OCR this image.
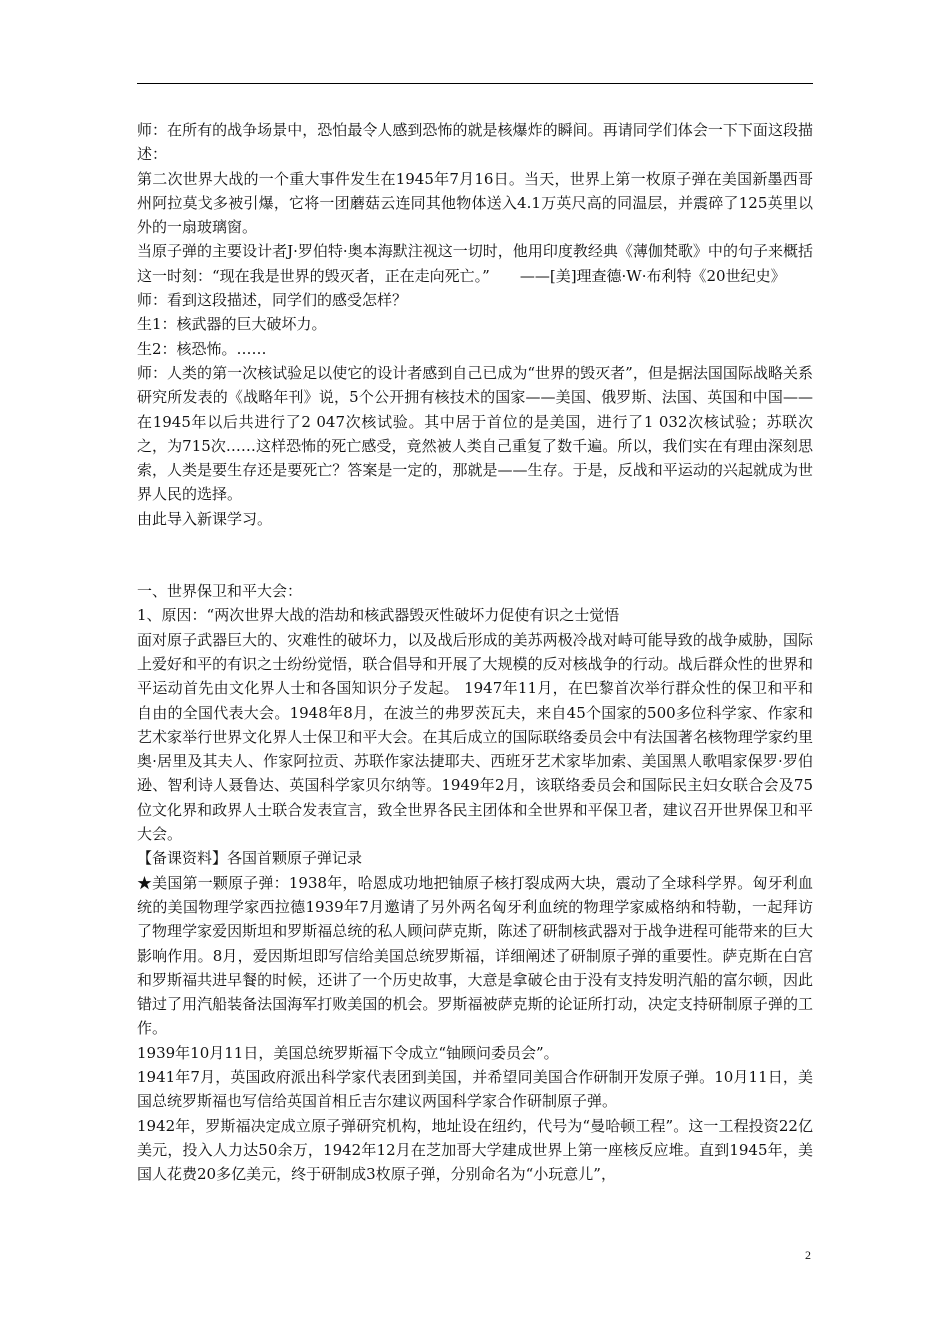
师：在所有的战争场景中，恐怕最令人感到恐怖的就是核爆炸的瞬间。再请同学们体会一下下面这段描述：

第二次世界大战的一个重大事件发生在1945年7月16日。当天，世界上第一枚原子弹在美国新墨西哥州阿拉莫戈多被引爆，它将一团蘑菇云连同其他物体送入4.1万英尺高的同温层，并震碎了125英里以外的一扇玻璃窗。

当原子弹的主要设计者J·罗伯特·奥本海默注视这一切时，他用印度教经典《薄伽梵歌》中的句子来概括这一时刻：“现在我是世界的毁灭者，正在走向死亡。”　　——[美]理查德·W·布利特《20世纪史》

师：看到这段描述，同学们的感受怎样？

生1：核武器的巨大破坏力。

生2：核恐怖。……

师：人类的第一次核试验足以使它的设计者感到自己已成为“世界的毁灭者”，但是据法国国际战略关系研究所发表的《战略年刊》说，5个公开拥有核技术的国家——美国、俄罗斯、法国、英国和中国——在1945年以后共进行了2 047次核试验。其中居于首位的是美国，进行了1 032次核试验；苏联次之，为715次……这样恐怖的死亡感受，竟然被人类自己重复了数千遍。所以，我们实在有理由深刻思索，人类是要生存还是要死亡？答案是一定的，那就是——生存。于是，反战和平运动的兴起就成为世界人民的选择。

由此导入新课学习。

一、世界保卫和平大会：

1、原因：“两次世界大战的浩劫和核武器毁灭性破坏力促使有识之士觉悟

面对原子武器巨大的、灾难性的破坏力，以及战后形成的美苏两极冷战对峙可能导致的战争威胁，国际上爱好和平的有识之士纷纷觉悟，联合倡导和开展了大规模的反对核战争的行动。战后群众性的世界和平运动首先由文化界人士和各国知识分子发起。 1947年11月，在巴黎首次举行群众性的保卫和平和自由的全国代表大会。1948年8月，在波兰的弗罗茨瓦夫，来自45个国家的500多位科学家、作家和艺术家举行世界文化界人士保卫和平大会。在其后成立的国际联络委员会中有法国著名核物理学家约里奥·居里及其夫人、作家阿拉贡、苏联作家法捷耶夫、西班牙艺术家毕加索、美国黑人歌唱家保罗·罗伯逊、智利诗人聂鲁达、英国科学家贝尔纳等。1949年2月，该联络委员会和国际民主妇女联合会及75位文化界和政界人士联合发表宣言，致全世界各民主团体和全世界和平保卫者，建议召开世界保卫和平大会。

【备课资料】各国首颗原子弹记录

★美国第一颗原子弹：1938年，哈恩成功地把铀原子核打裂成两大块，震动了全球科学界。匈牙利血统的美国物理学家西拉德1939年7月邀请了另外两名匈牙利血统的物理学家威格纳和特勒，一起拜访了物理学家爱因斯坦和罗斯福总统的私人顾问萨克斯，陈述了研制核武器对于战争进程可能带来的巨大影响作用。8月，爱因斯坦即写信给美国总统罗斯福，详细阐述了研制原子弹的重要性。萨克斯在白宫和罗斯福共进早餐的时候，还讲了一个历史故事，大意是拿破仑由于没有支持发明汽船的富尔顿，因此错过了用汽船装备法国海军打败美国的机会。罗斯福被萨克斯的论证所打动，决定支持研制原子弹的工作。

1939年10月11日，美国总统罗斯福下令成立“铀顾问委员会”。

1941年7月，英国政府派出科学家代表团到美国，并希望同美国合作研制开发原子弹。10月11日，美国总统罗斯福也写信给英国首相丘吉尔建议两国科学家合作研制原子弹。

1942年，罗斯福决定成立原子弹研究机构，地址设在纽约，代号为“曼哈顿工程”。这一工程投资22亿美元，投入人力达50余万，1942年12月在芝加哥大学建成世界上第一座核反应堆。直到1945年，美国人花费20多亿美元，终于研制成3枚原子弹，分别命名为“小玩意儿”，

2
